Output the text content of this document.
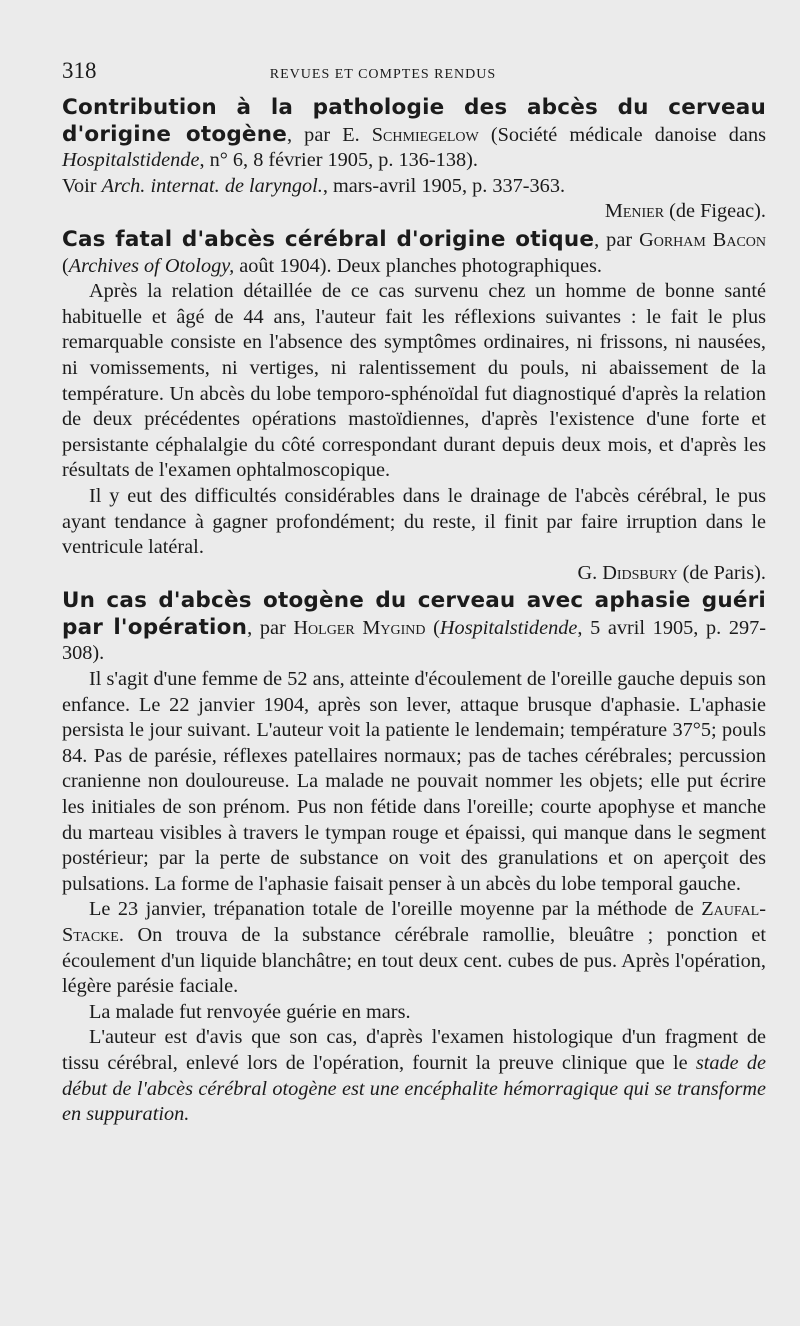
318	REVUES ET COMPTES RENDUS

Contribution à la pathologie des abcès du cerveau d'origine otogène, par E. Schmiegelow (Société médicale danoise dans Hospitalstidende, n° 6, 8 février 1905, p. 136-138).
Voir Arch. internat. de laryngol., mars-avril 1905, p. 337-363.

Menier (de Figeac).

Cas fatal d'abcès cérébral d'origine otique, par Gorham Bacon (Archives of Otology, août 1904). Deux planches photographiques.

Après la relation détaillée de ce cas survenu chez un homme de bonne santé habituelle et âgé de 44 ans, l'auteur fait les réflexions suivantes : le fait le plus remarquable consiste en l'absence des symptômes ordinaires, ni frissons, ni nausées, ni vomissements, ni vertiges, ni ralentissement du pouls, ni abaissement de la température. Un abcès du lobe temporo-sphénoïdal fut diagnostiqué d'après la relation de deux précédentes opérations mastoïdiennes, d'après l'existence d'une forte et persistante céphalalgie du côté correspondant durant depuis deux mois, et d'après les résultats de l'examen ophtalmoscopique.

Il y eut des difficultés considérables dans le drainage de l'abcès cérébral, le pus ayant tendance à gagner profondément; du reste, il finit par faire irruption dans le ventricule latéral.

G. Didsbury (de Paris).

Un cas d'abcès otogène du cerveau avec aphasie guéri par l'opération, par Holger Mygind (Hospitalstidende, 5 avril 1905, p. 297-308).

Il s'agit d'une femme de 52 ans, atteinte d'écoulement de l'oreille gauche depuis son enfance. Le 22 janvier 1904, après son lever, attaque brusque d'aphasie. L'aphasie persista le jour suivant. L'auteur voit la patiente le lendemain; température 37°5; pouls 84. Pas de parésie, réflexes patellaires normaux; pas de taches cérébrales; percussion cranienne non douloureuse. La malade ne pouvait nommer les objets; elle put écrire les initiales de son prénom. Pus non fétide dans l'oreille; courte apophyse et manche du marteau visibles à travers le tympan rouge et épaissi, qui manque dans le segment postérieur; par la perte de substance on voit des granulations et on aperçoit des pulsations. La forme de l'aphasie faisait penser à un abcès du lobe temporal gauche.

Le 23 janvier, trépanation totale de l'oreille moyenne par la méthode de Zaufal-Stacke. On trouva de la substance cérébrale ramollie, bleuâtre ; ponction et écoulement d'un liquide blanchâtre; en tout deux cent. cubes de pus. Après l'opération, légère parésie faciale.

La malade fut renvoyée guérie en mars.

L'auteur est d'avis que son cas, d'après l'examen histologique d'un fragment de tissu cérébral, enlevé lors de l'opération, fournit la preuve clinique que le stade de début de l'abcès cérébral otogène est une encéphalite hémorragique qui se transforme en suppuration.
